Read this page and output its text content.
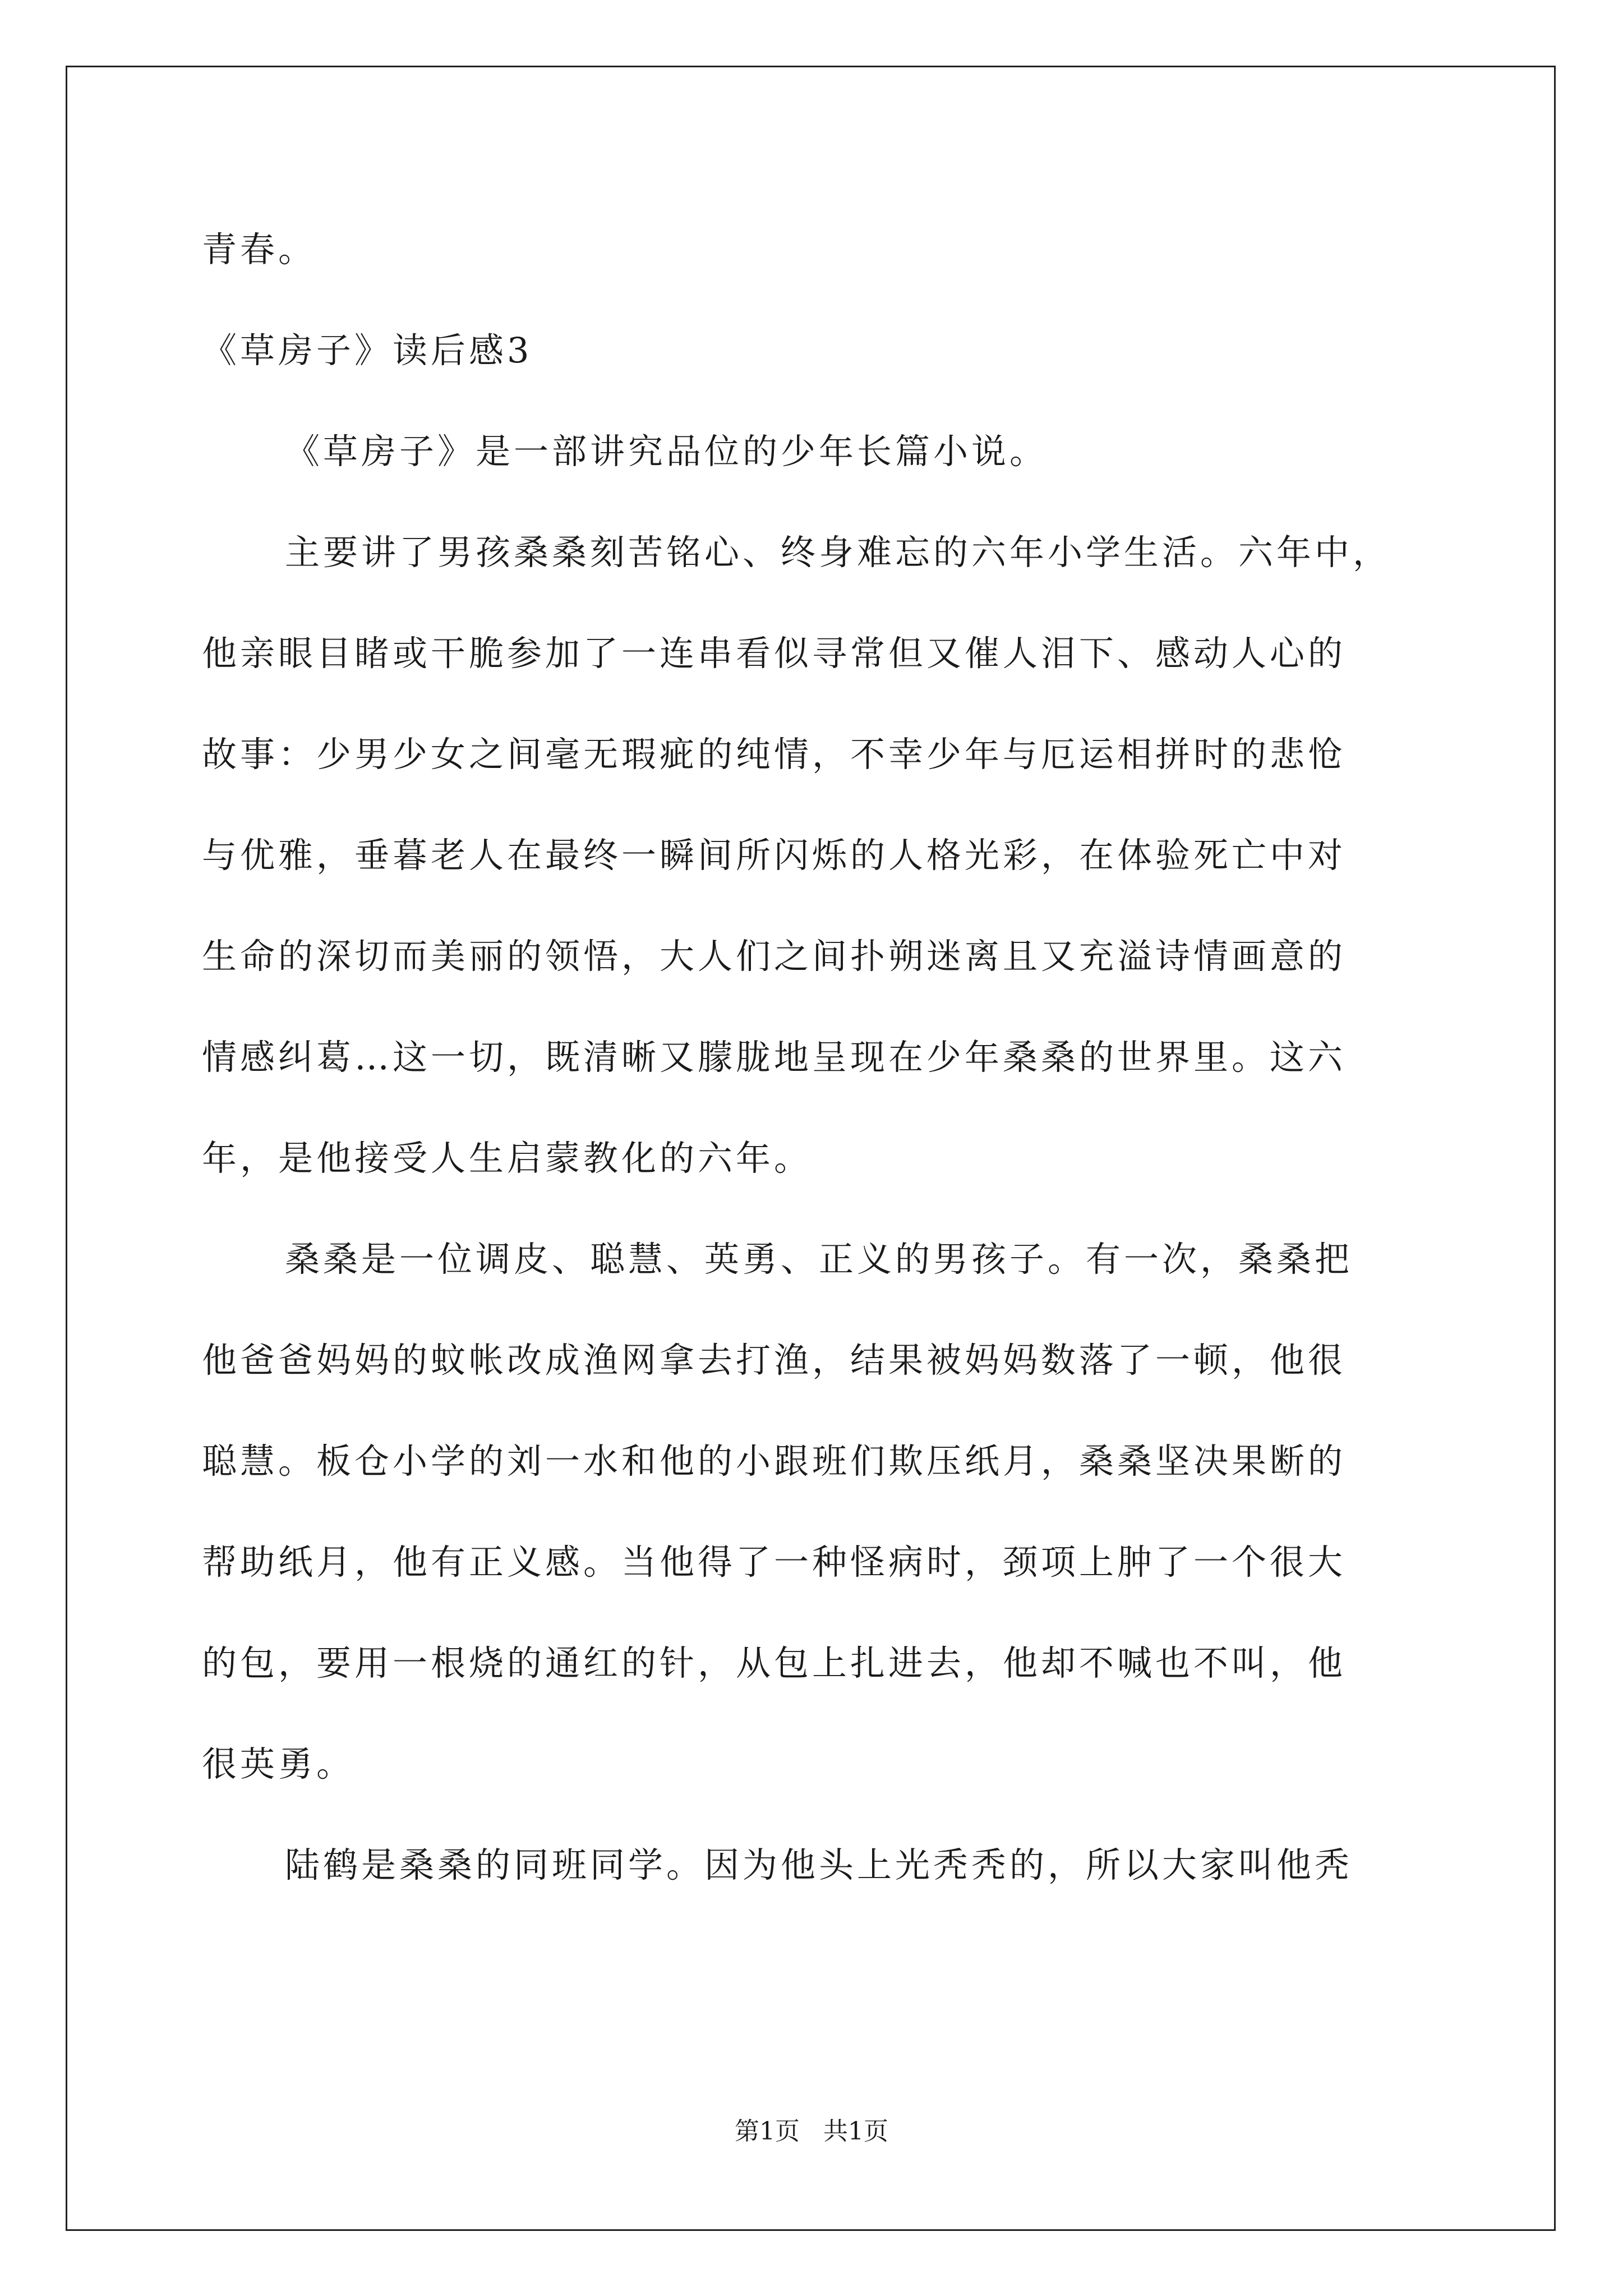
青春。
《草房子》读后感3
《草房子》是一部讲究品位的少年长篇小说。
主要讲了男孩桑桑刻苦铭心、终身难忘的六年小学生活。六年中，
他亲眼目睹或干脆参加了一连串看似寻常但又催人泪下、感动人心的
故事：少男少女之间毫无瑕疵的纯情，不幸少年与厄运相拼时的悲怆
与优雅，垂暮老人在最终一瞬间所闪烁的人格光彩，在体验死亡中对
生命的深切而美丽的领悟，大人们之间扑朔迷离且又充溢诗情画意的
情感纠葛…这一切，既清晰又朦胧地呈现在少年桑桑的世界里。这六
年，是他接受人生启蒙教化的六年。
桑桑是一位调皮、聪慧、英勇、正义的男孩子。有一次，桑桑把
他爸爸妈妈的蚊帐改成渔网拿去打渔，结果被妈妈数落了一顿，他很
聪慧。板仓小学的刘一水和他的小跟班们欺压纸月，桑桑坚决果断的
帮助纸月，他有正义感。当他得了一种怪病时，颈项上肿了一个很大
的包，要用一根烧的通红的针，从包上扎进去，他却不喊也不叫，他
很英勇。
陆鹤是桑桑的同班同学。因为他头上光秃秃的，所以大家叫他秃
第1页 共1页
